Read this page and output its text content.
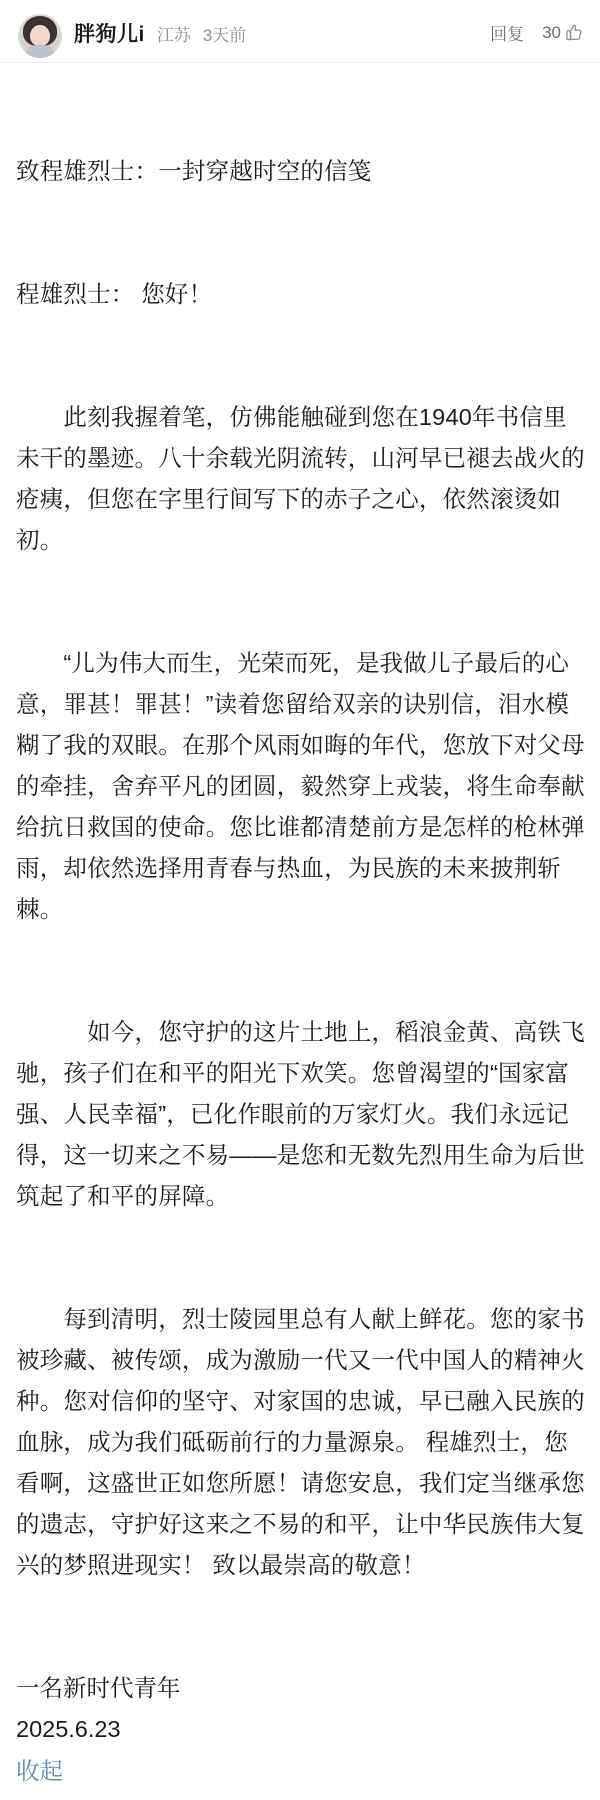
胖狗儿i 江苏 3天前	回复 30

致程雄烈士：一封穿越时空的信笺

程雄烈士： 您好！

　　此刻我握着笔，仿佛能触碰到您在1940年书信里未干的墨迹。八十余载光阴流转，山河早已褪去战火的疮痍，但您在字里行间写下的赤子之心，依然滚烫如初。

　　“儿为伟大而生，光荣而死，是我做儿子最后的心意，罪甚！罪甚！”读着您留给双亲的诀别信，泪水模糊了我的双眼。在那个风雨如晦的年代，您放下对父母的牵挂，舍弃平凡的团圆，毅然穿上戎装，将生命奉献给抗日救国的使命。您比谁都清楚前方是怎样的枪林弹雨，却依然选择用青春与热血，为民族的未来披荆斩棘。

　　　如今，您守护的这片土地上，稻浪金黄、高铁飞驰，孩子们在和平的阳光下欢笑。您曾渴望的“国家富强、人民幸福”，已化作眼前的万家灯火。我们永远记得，这一切来之不易——是您和无数先烈用生命为后世筑起了和平的屏障。

　　每到清明，烈士陵园里总有人献上鲜花。您的家书被珍藏、被传颂，成为激励一代又一代中国人的精神火种。您对信仰的坚守、对家国的忠诚，早已融入民族的血脉，成为我们砥砺前行的力量源泉。 程雄烈士，您看啊，这盛世正如您所愿！请您安息，我们定当继承您的遗志，守护好这来之不易的和平，让中华民族伟大复兴的梦照进现实！ 致以最崇高的敬意！

一名新时代青年
2025.6.23
收起
